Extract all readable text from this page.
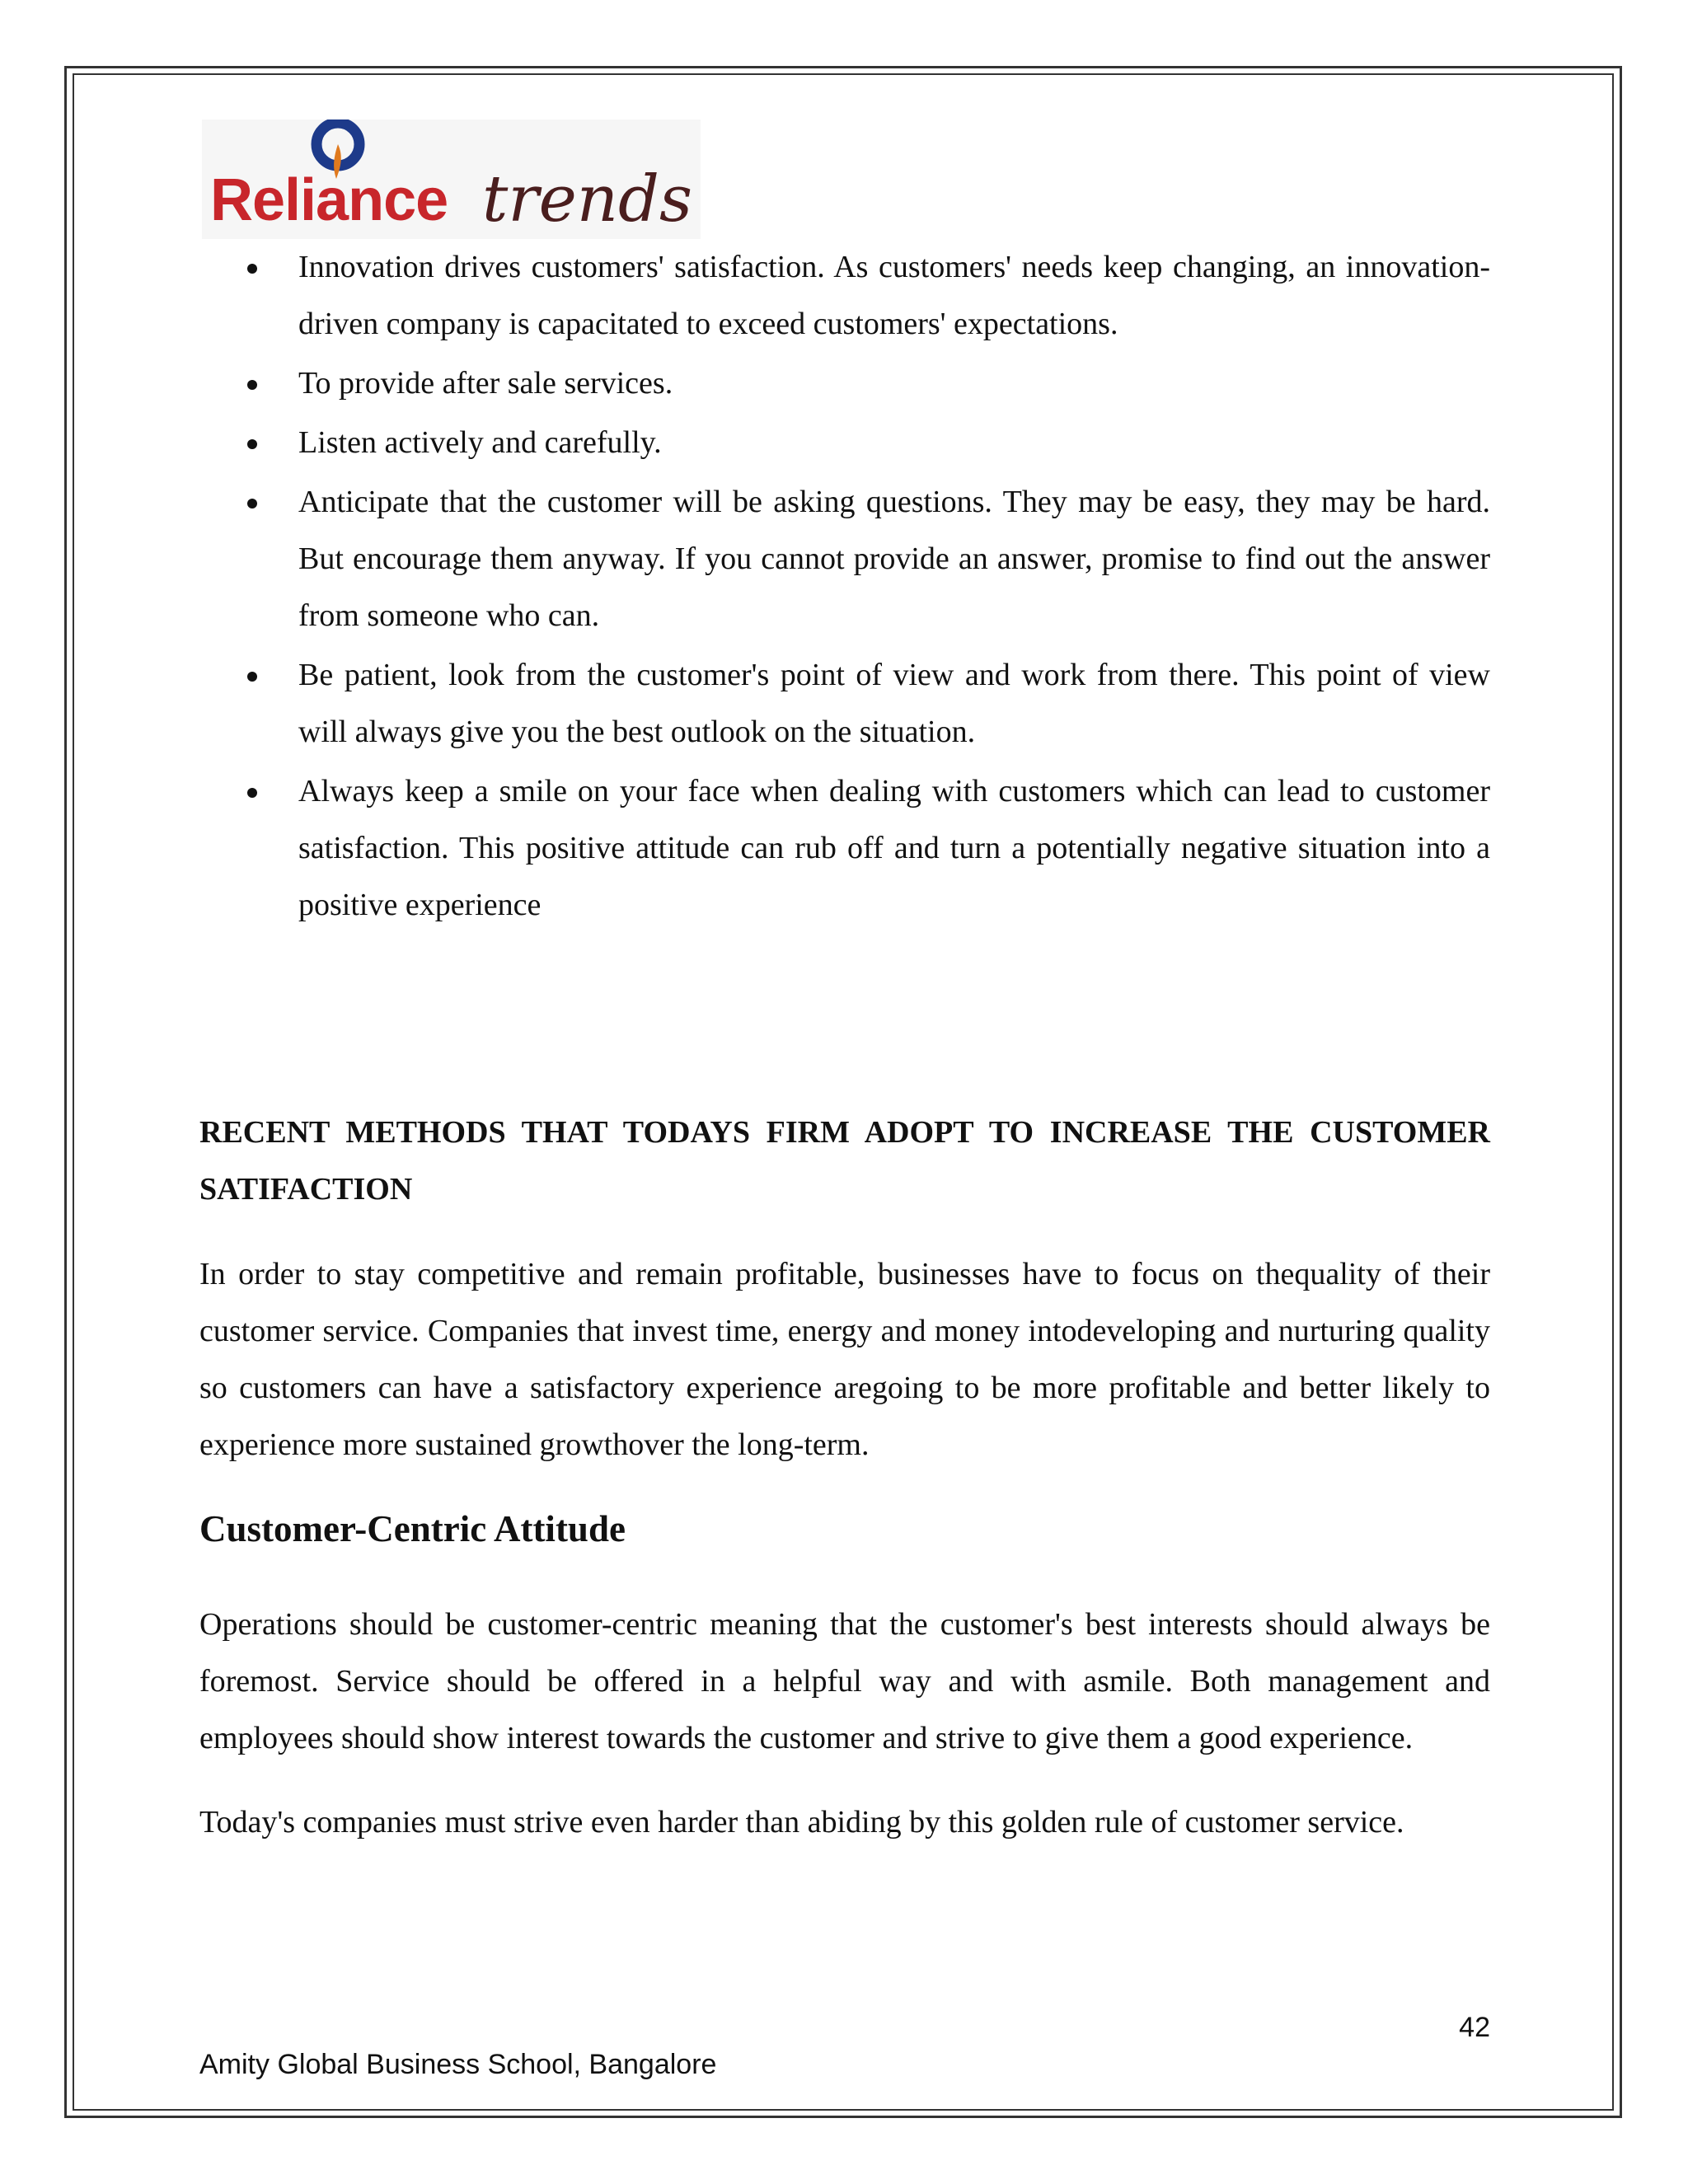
Reliance trends
Innovation drives customers' satisfaction. As customers' needs keep changing, an innovation-driven company is capacitated to exceed customers' expectations.
To provide after sale services.
Listen actively and carefully.
Anticipate that the customer will be asking questions. They may be easy, they may be hard. But encourage them anyway. If you cannot provide an answer, promise to find out the answer from someone who can.
Be patient, look from the customer's point of view and work from there. This point of view will always give you the best outlook on the situation.
Always keep a smile on your face when dealing with customers which can lead to customer satisfaction. This positive attitude can rub off and turn a potentially negative situation into a positive experience
RECENT METHODS THAT TODAYS FIRM ADOPT TO INCREASE THE CUSTOMER SATIFACTION

In order to stay competitive and remain profitable, businesses have to focus on thequality of their customer service. Companies that invest time, energy and money intodeveloping and nurturing quality so customers can have a satisfactory experience aregoing to be more profitable and better likely to experience more sustained growthover the long-term.

Customer-Centric Attitude

Operations should be customer-centric meaning that the customer's best interests should always be foremost. Service should be offered in a helpful way and with asmile. Both management and employees should show interest towards the customer and strive to give them a good experience.

Today's companies must strive even harder than abiding by this golden rule of customer service.

42
Amity Global Business School, Bangalore
